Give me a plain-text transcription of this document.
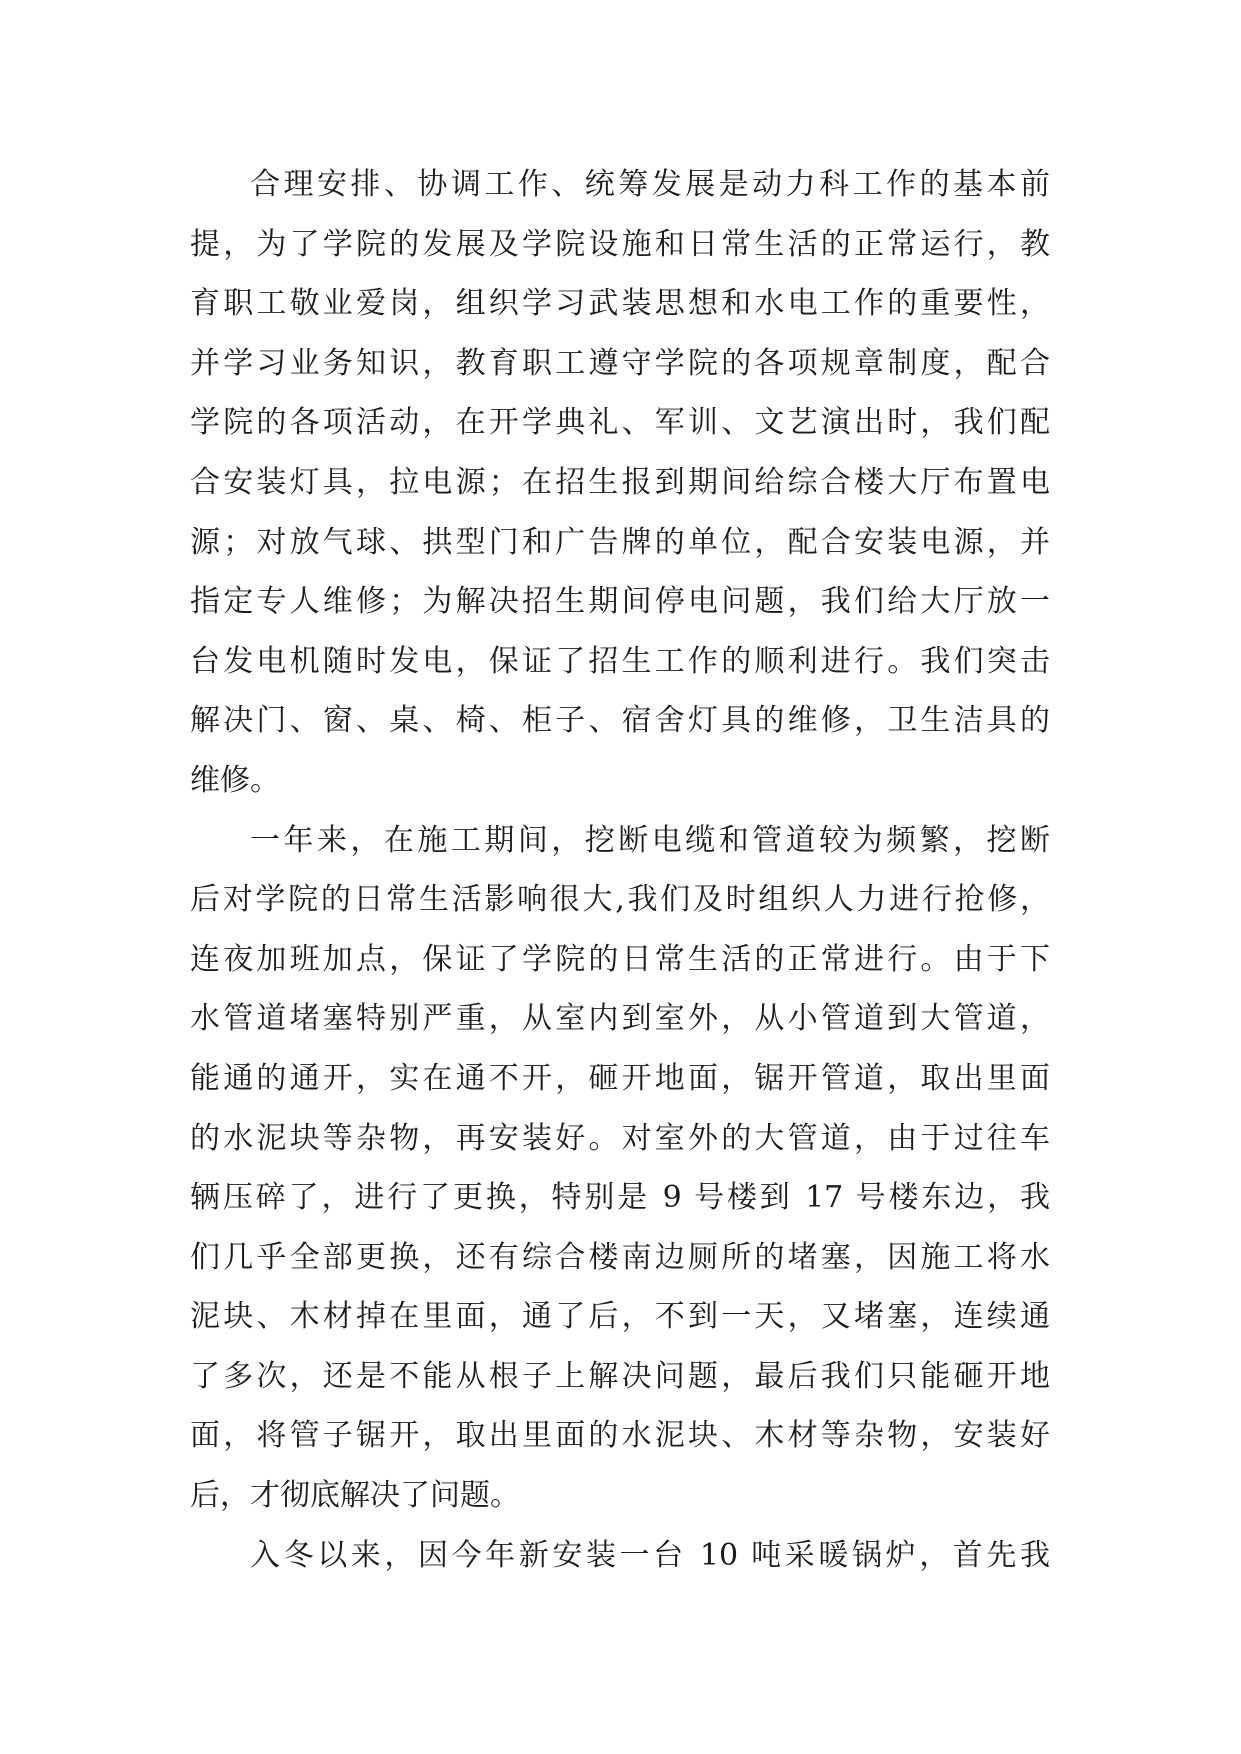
合理安排、协调工作、统筹发展是动力科工作的基本前
提，为了学院的发展及学院设施和日常生活的正常运行，教
育职工敬业爱岗，组织学习武装思想和水电工作的重要性，
并学习业务知识，教育职工遵守学院的各项规章制度，配合
学院的各项活动，在开学典礼、军训、文艺演出时，我们配
合安装灯具，拉电源；在招生报到期间给综合楼大厅布置电
源；对放气球、拱型门和广告牌的单位，配合安装电源，并
指定专人维修；为解决招生期间停电问题，我们给大厅放一
台发电机随时发电，保证了招生工作的顺利进行。我们突击
解决门、窗、桌、椅、柜子、宿舍灯具的维修，卫生洁具的
维修。
一年来，在施工期间，挖断电缆和管道较为频繁，挖断
后对学院的日常生活影响很大,我们及时组织人力进行抢修，
连夜加班加点，保证了学院的日常生活的正常进行。由于下
水管道堵塞特别严重，从室内到室外，从小管道到大管道，
能通的通开，实在通不开，砸开地面，锯开管道，取出里面
的水泥块等杂物，再安装好。对室外的大管道，由于过往车
辆压碎了，进行了更换，特别是 9 号楼到 17 号楼东边，我
们几乎全部更换，还有综合楼南边厕所的堵塞，因施工将水
泥块、木材掉在里面，通了后，不到一天，又堵塞，连续通
了多次，还是不能从根子上解决问题，最后我们只能砸开地
面，将管子锯开，取出里面的水泥块、木材等杂物，安装好
后，才彻底解决了问题。
入冬以来，因今年新安装一台 10 吨采暖锅炉，首先我
